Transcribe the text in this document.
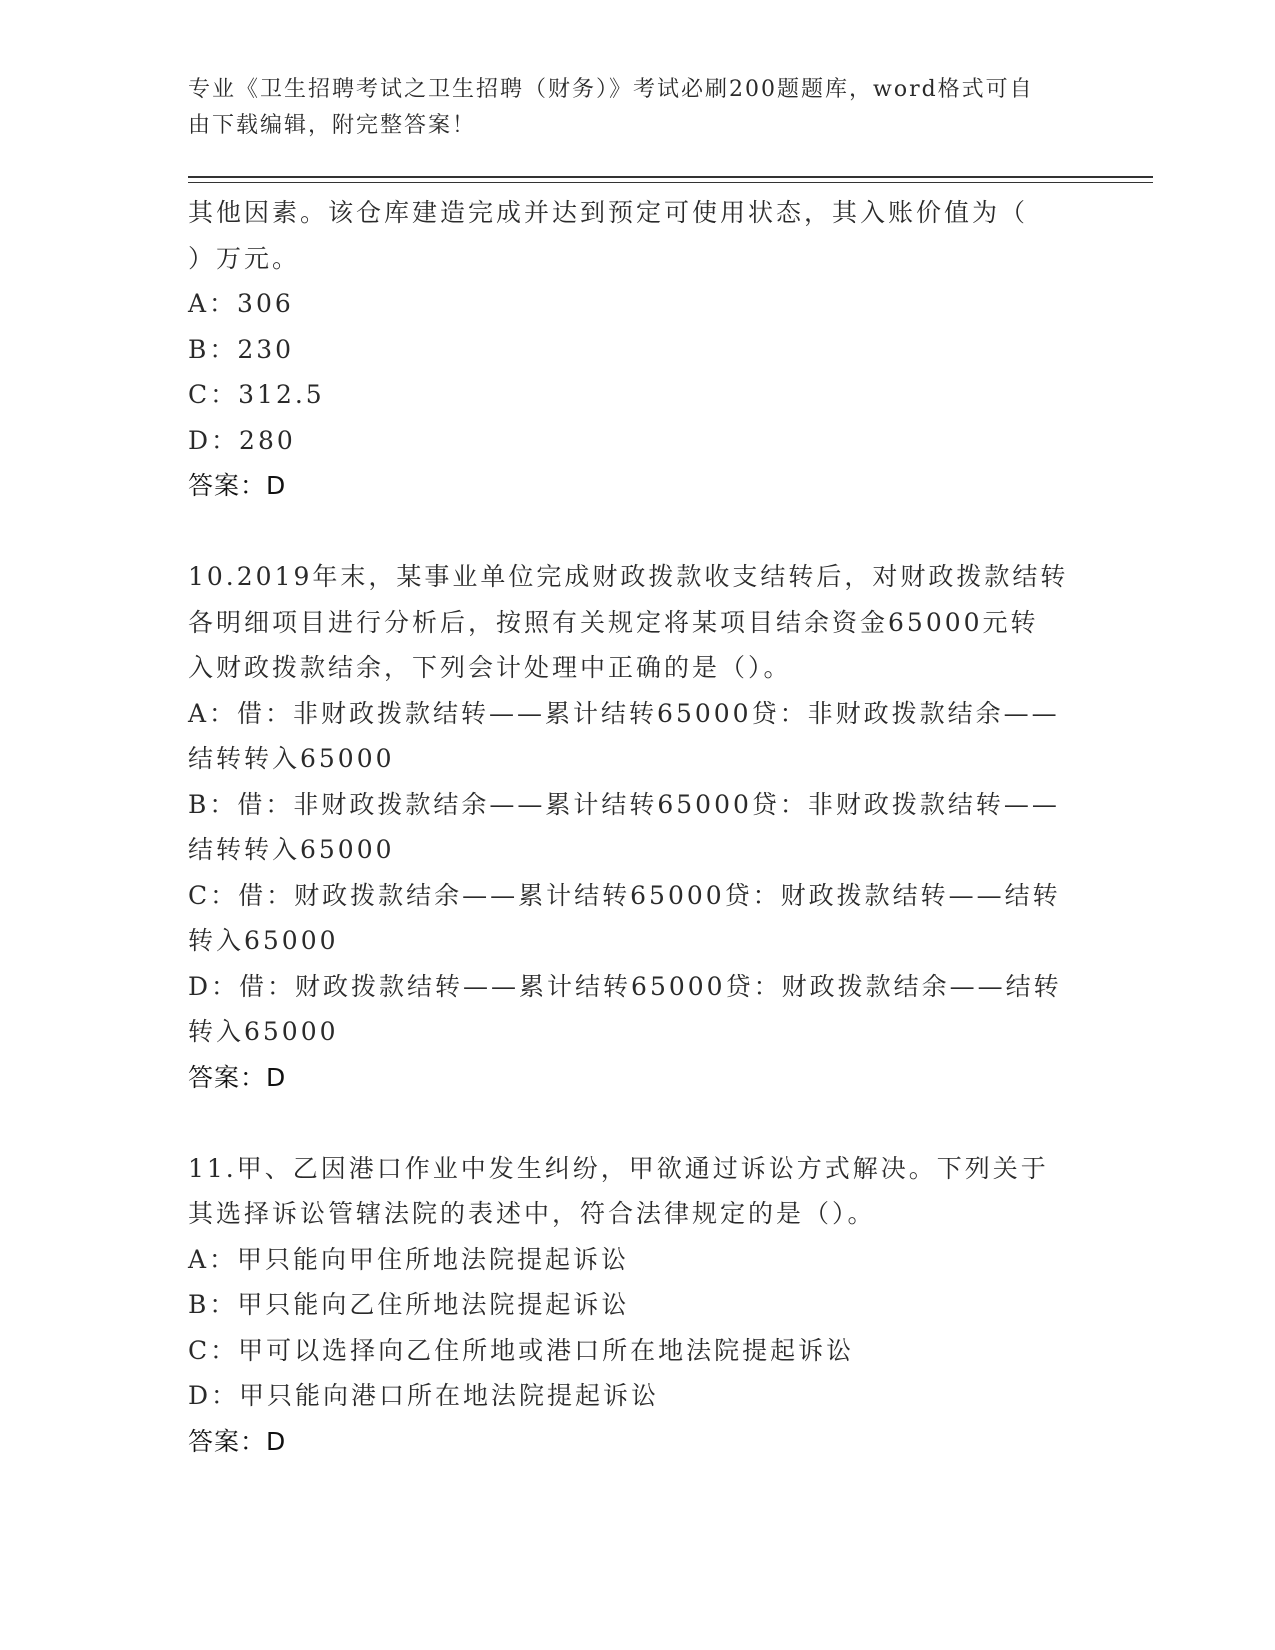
专业《卫生招聘考试之卫生招聘（财务）》考试必刷200题题库，word格式可自
由下载编辑，附完整答案！
其他因素。该仓库建造完成并达到预定可使用状态，其入账价值为（
）万元。
A：306
B：230
C：312.5
D：280
答案：D
10.2019年末，某事业单位完成财政拨款收支结转后，对财政拨款结转
各明细项目进行分析后，按照有关规定将某项目结余资金65000元转
入财政拨款结余，下列会计处理中正确的是（）。
A：借：非财政拨款结转——累计结转65000贷：非财政拨款结余——
结转转入65000
B：借：非财政拨款结余——累计结转65000贷：非财政拨款结转——
结转转入65000
C：借：财政拨款结余——累计结转65000贷：财政拨款结转——结转
转入65000
D：借：财政拨款结转——累计结转65000贷：财政拨款结余——结转
转入65000
答案：D
11.甲、乙因港口作业中发生纠纷，甲欲通过诉讼方式解决。下列关于
其选择诉讼管辖法院的表述中，符合法律规定的是（）。
A：甲只能向甲住所地法院提起诉讼
B：甲只能向乙住所地法院提起诉讼
C：甲可以选择向乙住所地或港口所在地法院提起诉讼
D：甲只能向港口所在地法院提起诉讼
答案：D
